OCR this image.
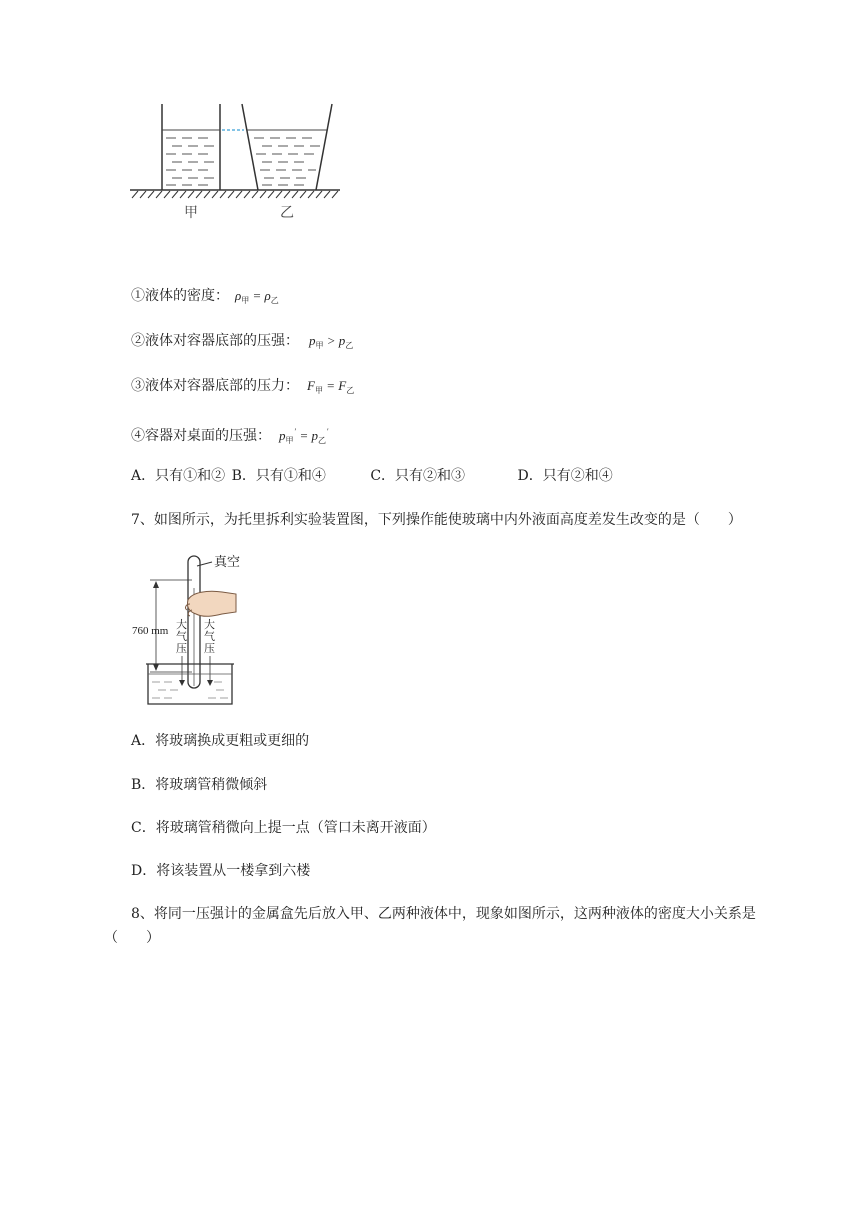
甲	乙
①液体的密度： $\rho_甲 = \rho_乙$
②液体对容器底部的压强： $p_甲 > p_乙$
③液体对容器底部的压力： $F_甲 = F_乙$
④容器对桌面的压强： $p_甲' = p_乙'$
A．只有①和② B．只有①和④	C．只有②和③	D．只有②和④
7、如图所示，为托里拆利实验装置图，下列操作能使玻璃中内外液面高度差发生改变的是（　　）
真空
760 mm 大
气
压
大
气
压
A．将玻璃换成更粗或更细的
B．将玻璃管稍微倾斜
C．将玻璃管稍微向上提一点（管口未离开液面）
D．将该装置从一楼拿到六楼
8、将同一压强计的金属盒先后放入甲、乙两种液体中，现象如图所示，这两种液体的密度大小关系是（　　）
